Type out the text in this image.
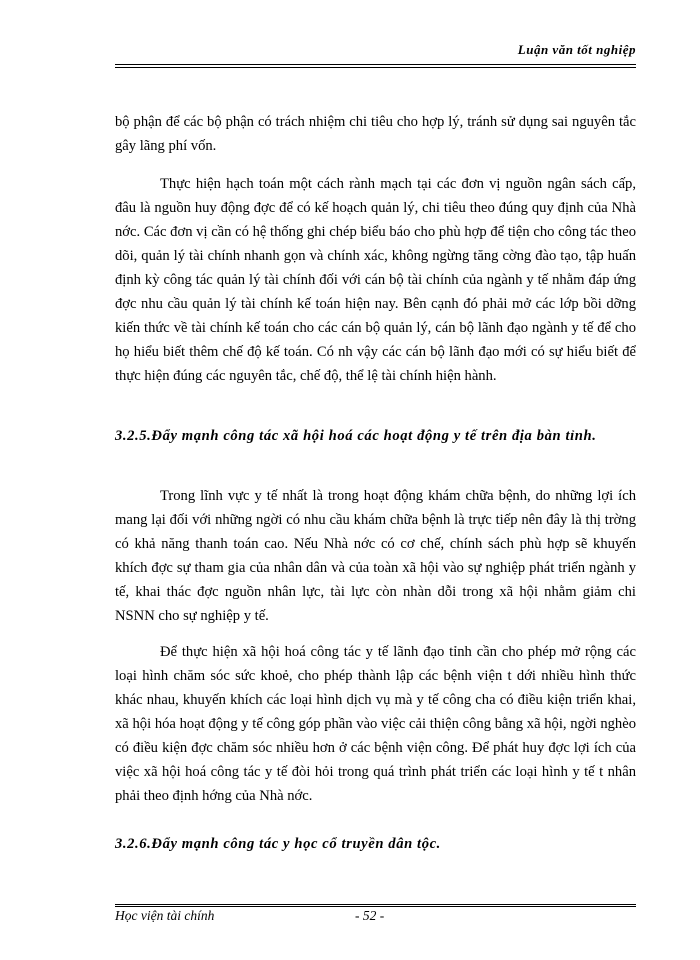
Luận văn tốt nghiệp

bộ phận để các bộ phận có trách nhiệm chi tiêu cho hợp lý, tránh sử dụng sai nguyên tắc gây lãng phí vốn.

Thực hiện hạch toán một cách rành mạch tại các đơn vị nguồn ngân sách cấp, đâu là nguồn huy động đợc để có kế hoạch quản lý, chi tiêu theo đúng quy định của Nhà nớc. Các đơn vị cần có hệ thống ghi chép biểu báo cho phù hợp để tiện cho công tác theo dõi, quản lý tài chính nhanh gọn và chính xác, không ngừng tăng cờng đào tạo, tập huấn định kỳ công tác quản lý tài chính đối với cán bộ tài chính của ngành y tế nhằm đáp ứng đợc nhu cầu quản lý tài chính kế toán hiện nay. Bên cạnh đó phải mở các lớp bồi dỡng kiến thức về tài chính kế toán cho các cán bộ quản lý, cán bộ lãnh đạo ngành y tế để cho họ hiểu biết thêm chế độ kế toán. Có nh vậy các cán bộ lãnh đạo mới có sự hiểu biết để thực hiện đúng các nguyên tắc, chế độ, thể lệ tài chính hiện hành.

3.2.5.Đẩy mạnh công tác xã hội hoá các hoạt động y tế trên địa bàn tỉnh.

Trong lĩnh vực y tế nhất là trong hoạt động khám chữa bệnh, do những lợi ích mang lại đối với những ngời có nhu cầu khám chữa bệnh là trực tiếp nên đây là thị trờng có khả năng thanh toán cao. Nếu Nhà nớc có cơ chế, chính sách phù hợp sẽ khuyến khích đợc sự tham gia của nhân dân và của toàn xã hội vào sự nghiệp phát triển ngành y tế, khai thác đợc nguồn nhân lực, tài lực còn nhàn dỗi trong xã hội nhằm giảm chi NSNN cho sự nghiệp y tế.

Để thực hiện xã hội hoá công tác y tế lãnh đạo tỉnh cần cho phép mở rộng các loại hình chăm sóc sức khoẻ, cho phép thành lập các bệnh viện t dới nhiều hình thức khác nhau, khuyến khích các loại hình dịch vụ mà y tế công cha có điều kiện triển khai, xã hội hóa hoạt động y tế công góp phần vào việc cải thiện công bằng xã hội, ngời nghèo có điều kiện đợc chăm sóc nhiều hơn ở các bệnh viện công. Để phát huy đợc lợi ích của việc xã hội hoá công tác y tế đòi hỏi trong quá trình phát triển các loại hình y tế t nhân phải theo định hớng của Nhà nớc.

3.2.6.Đẩy mạnh công tác y học cổ truyền dân tộc.
Học viện tài chính	- 52 -
